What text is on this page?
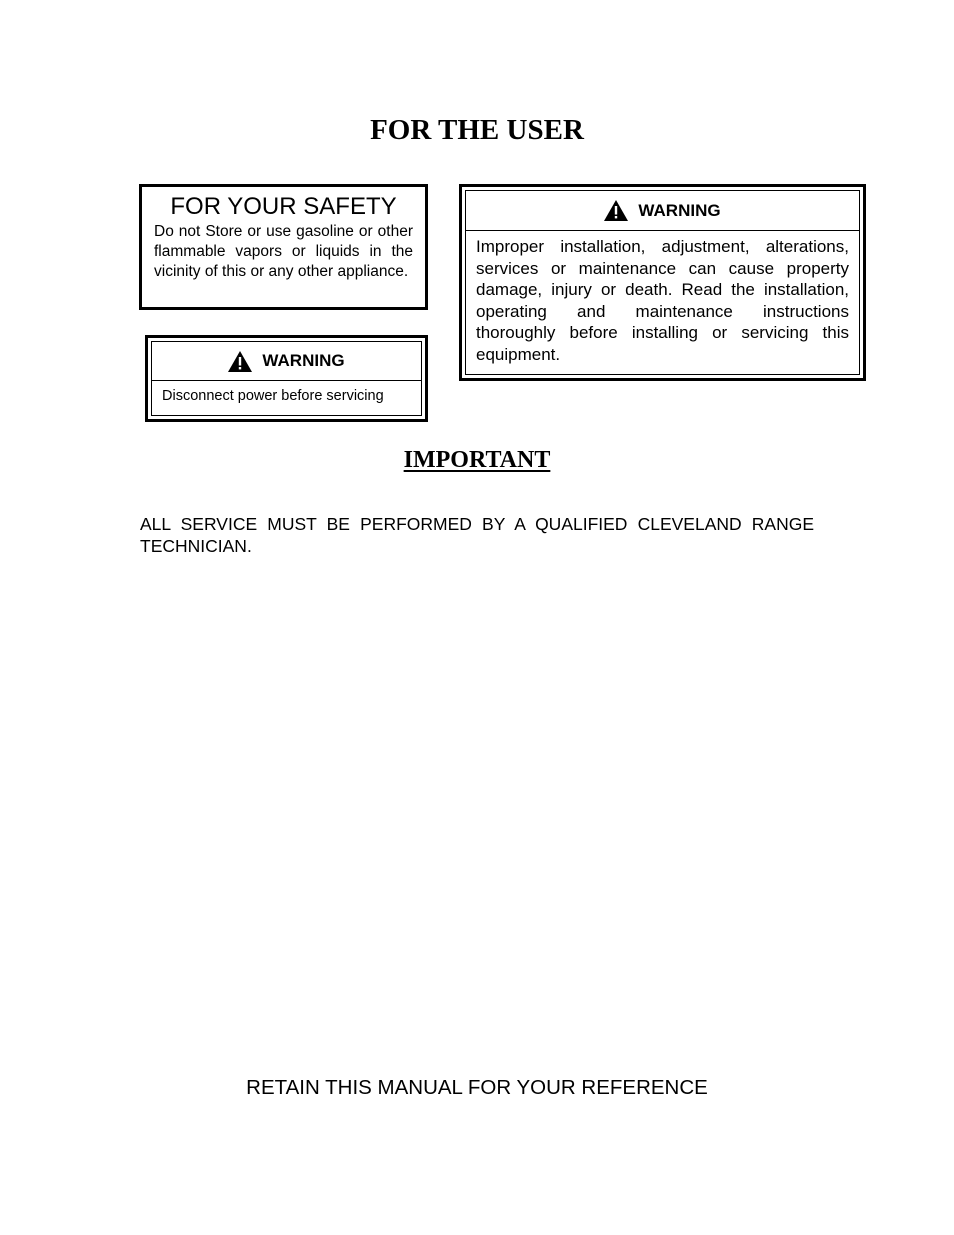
FOR THE USER
FOR YOUR SAFETY

Do not Store or use gasoline or other flammable vapors or liquids in the vicinity of this or any other appliance.

WARNING
Disconnect power before servicing
WARNING
Improper installation, adjustment, alterations, services or maintenance can cause property damage, injury or death. Read the installation, operating and maintenance instructions thoroughly before installing or servicing this equipment.
IMPORTANT

ALL SERVICE MUST BE PERFORMED BY A QUALIFIED CLEVELAND RANGE TECHNICIAN.

RETAIN THIS MANUAL FOR YOUR REFERENCE
